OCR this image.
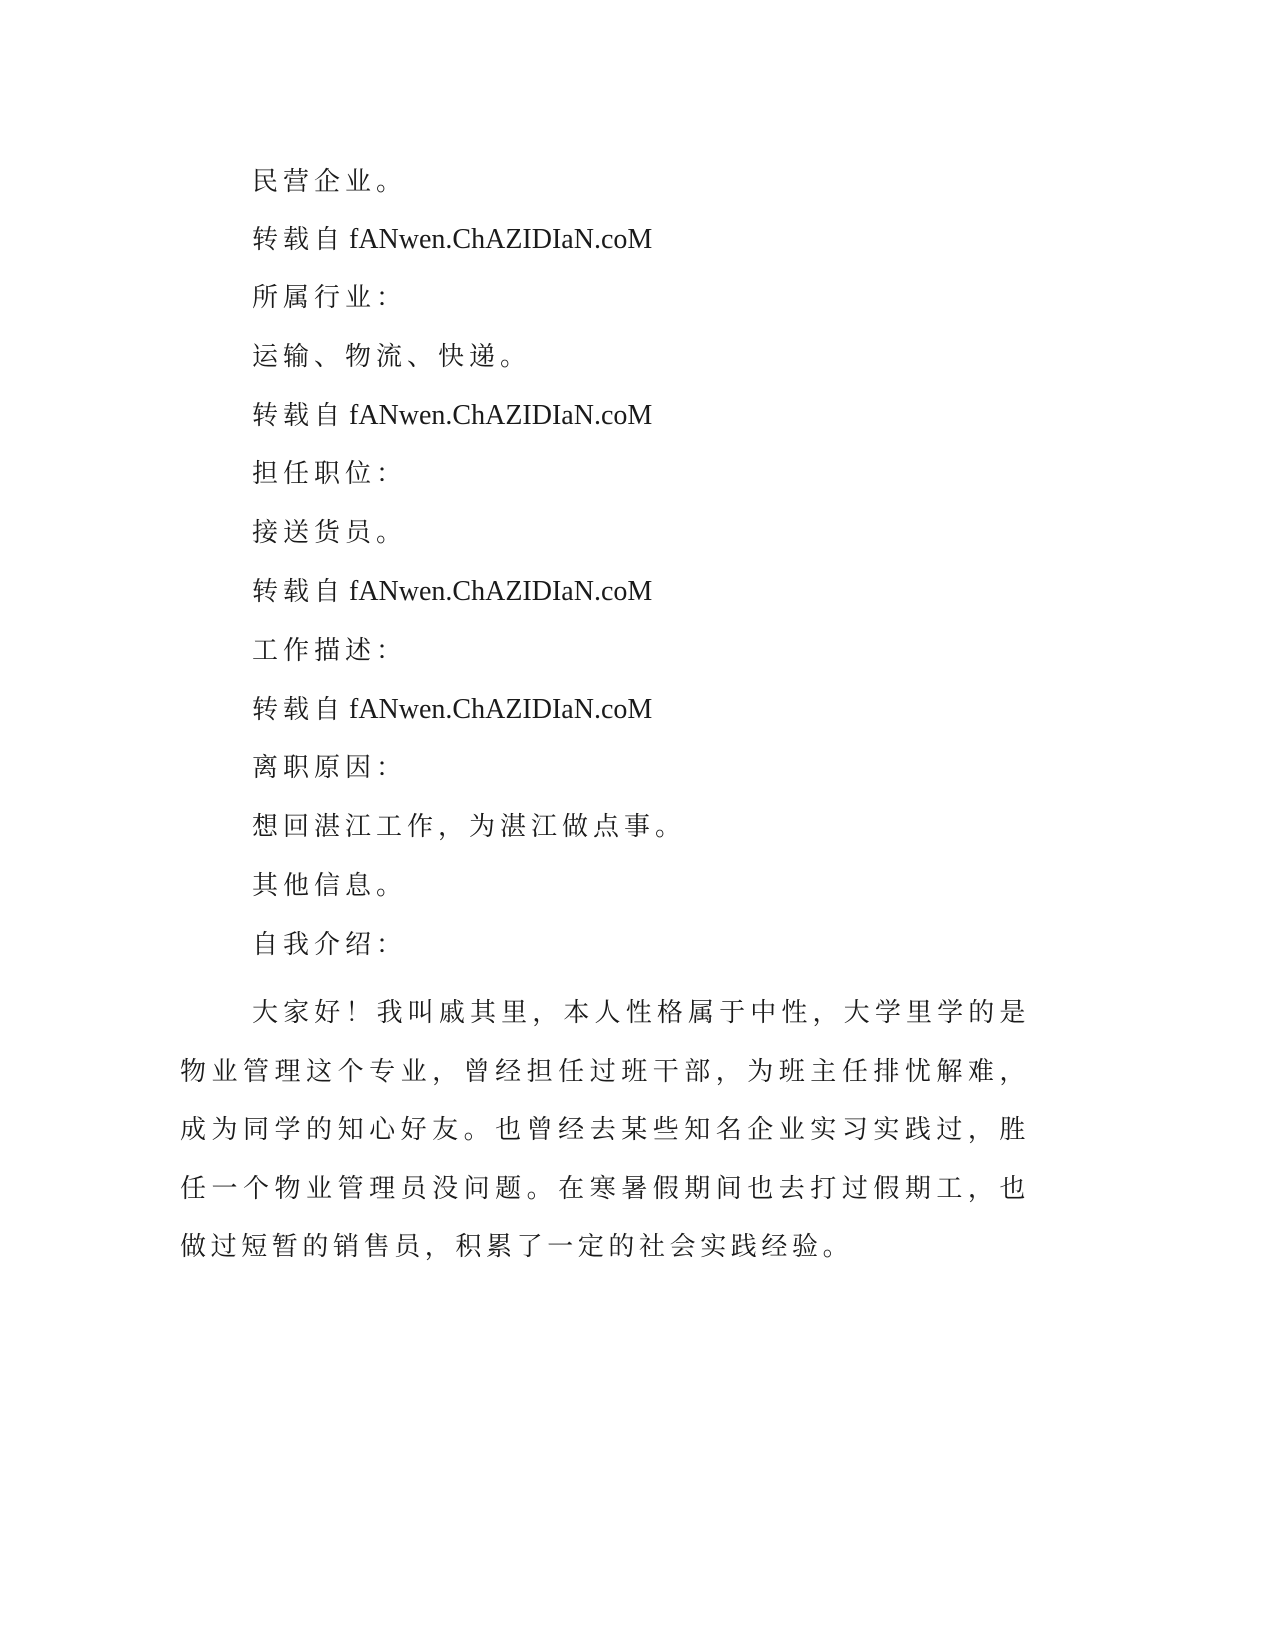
民营企业。
转载自 fANwen.ChAZIDIaN.coM
所属行业：
运输、物流、快递。
转载自 fANwen.ChAZIDIaN.coM
担任职位：
接送货员。
转载自 fANwen.ChAZIDIaN.coM
工作描述：
转载自 fANwen.ChAZIDIaN.coM
离职原因：
想回湛江工作，为湛江做点事。
其他信息。
自我介绍：

大家好！我叫戚其里，本人性格属于中性，大学里学的是物业管理这个专业，曾经担任过班干部，为班主任排忧解难，成为同学的知心好友。也曾经去某些知名企业实习实践过，胜任一个物业管理员没问题。在寒暑假期间也去打过假期工，也做过短暂的销售员，积累了一定的社会实践经验。
